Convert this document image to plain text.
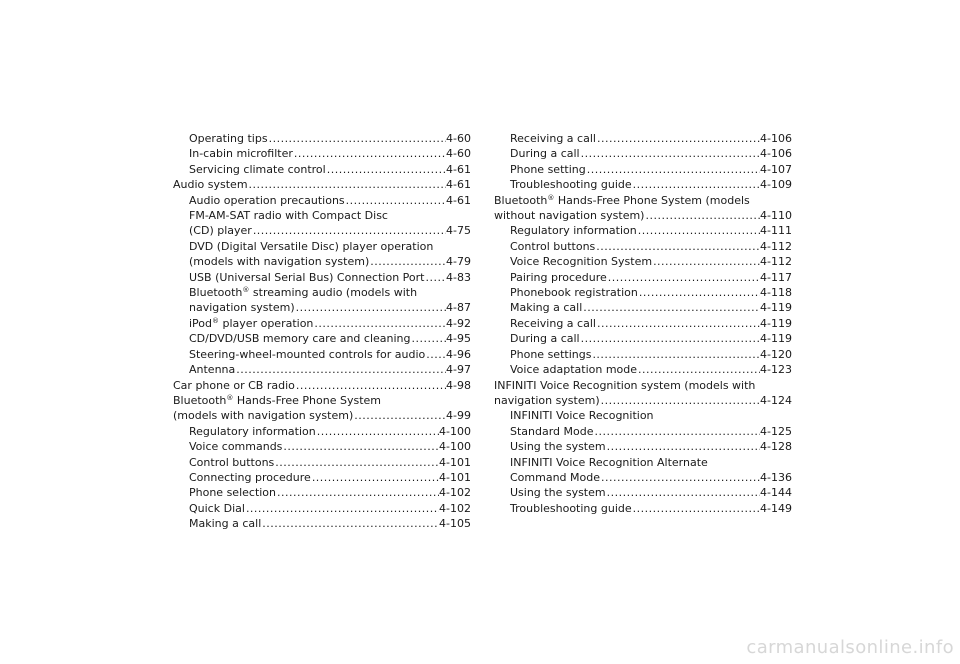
Operating tips .....	4-60
In-cabin microfilter .....	4-60
Servicing climate control .....	4-61
Audio system .....	4-61
Audio operation precautions .....	4-61
FM-AM-SAT radio with Compact Disc
(CD) player .....	4-75
DVD (Digital Versatile Disc) player operation
(models with navigation system) .....	4-79
USB (Universal Serial Bus) Connection Port ..... 4-83
Bluetooth® streaming audio (models with
navigation system) .....	4-87
iPod® player operation .....	4-92
CD/DVD/USB memory care and cleaning .....	4-95
Steering-wheel-mounted controls for audio ..... 4-96
Antenna .....	4-97
Car phone or CB radio .....	4-98
Bluetooth® Hands-Free Phone System
(models with navigation system) .....	4-99
Regulatory information .....	4-100
Voice commands .....	4-100
Control buttons .....	4-101
Connecting procedure .....	4-101
Phone selection .....	4-102
Quick Dial .....	4-102
Making a call .....	4-105
Receiving a call .....	4-106
During a call .....	4-106
Phone setting .....	4-107
Troubleshooting guide .....	4-109
Bluetooth® Hands-Free Phone System (models
without navigation system) .....	4-110
Regulatory information .....	4-111
Control buttons .....	4-112
Voice Recognition System .....	4-112
Pairing procedure .....	4-117
Phonebook registration .....	4-118
Making a call .....	4-119
Receiving a call .....	4-119
During a call .....	4-119
Phone settings .....	4-120
Voice adaptation mode .....	4-123
INFINITI Voice Recognition system (models with
navigation system) .....	4-124
INFINITI Voice Recognition
Standard Mode .....	4-125
Using the system .....	4-128
INFINITI Voice Recognition Alternate
Command Mode .....	4-136
Using the system .....	4-144
Troubleshooting guide .....	4-149
carmanualsonline.info
